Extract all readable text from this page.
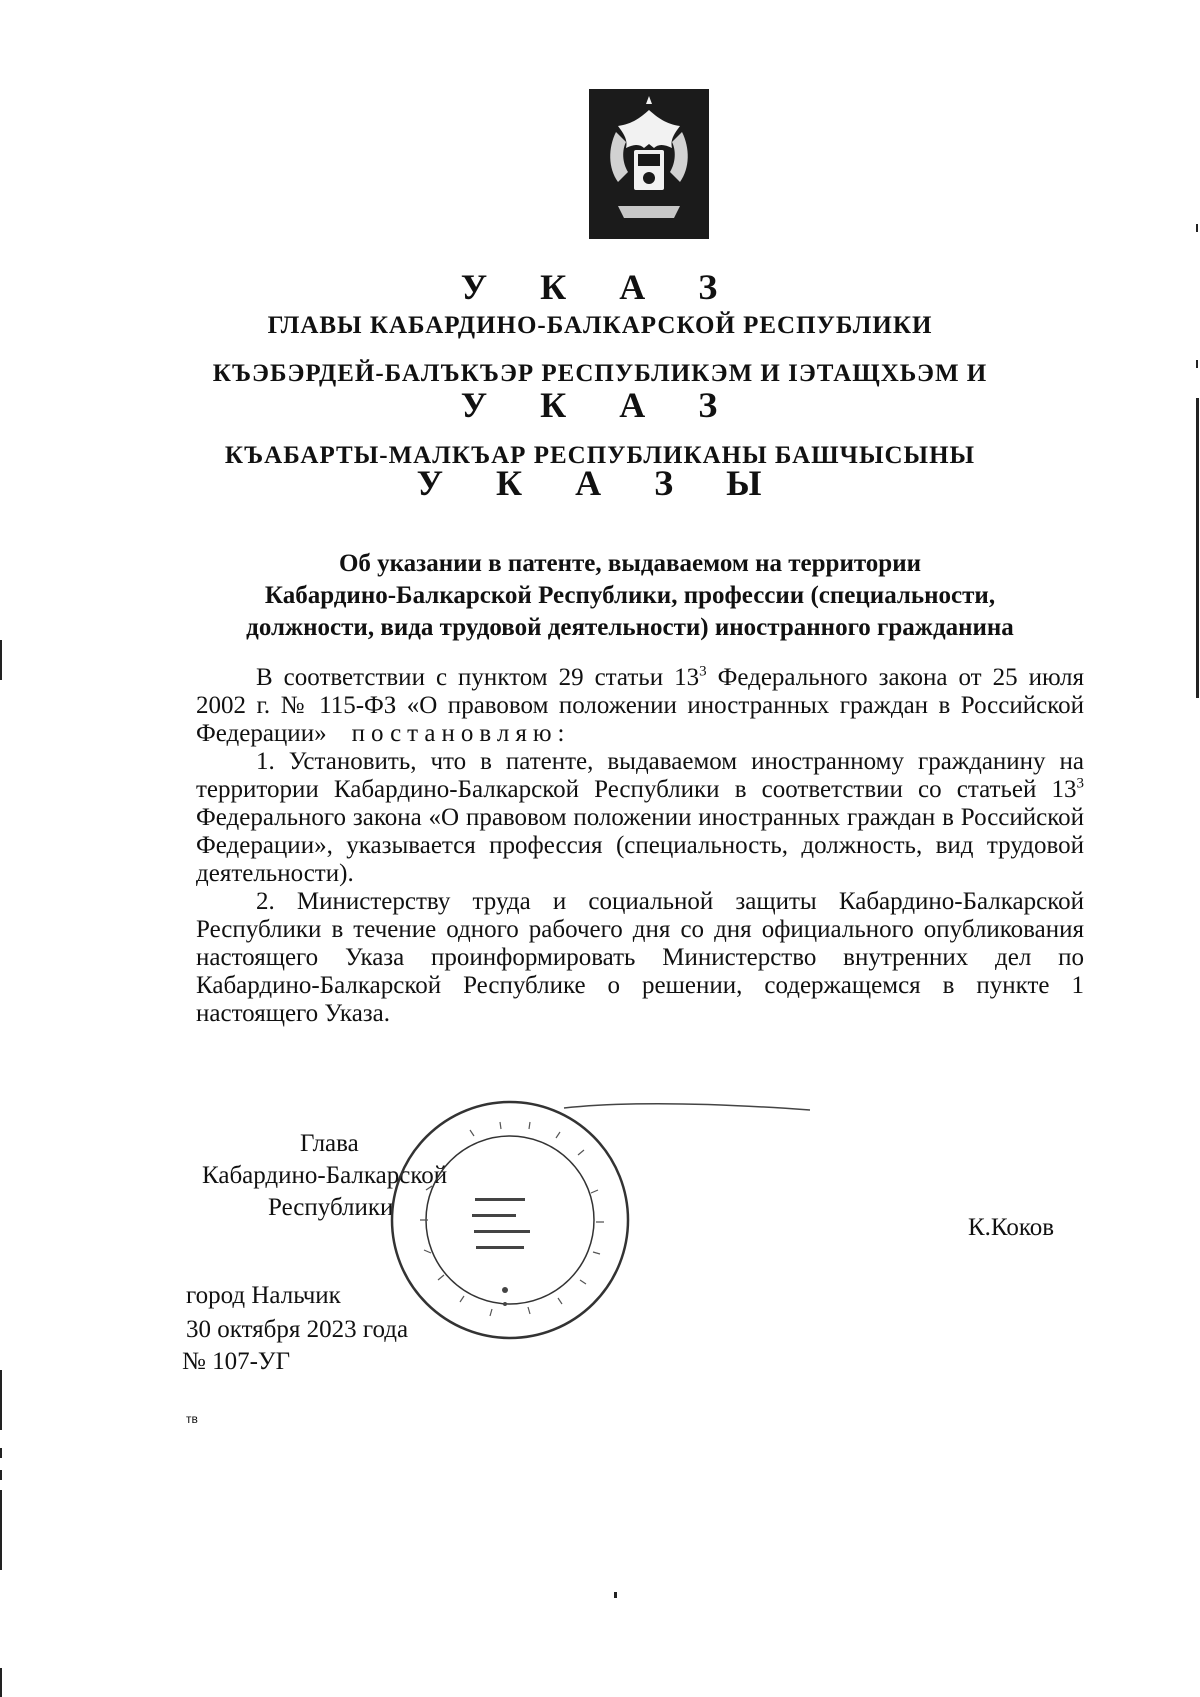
У К А З
ГЛАВЫ КАБАРДИНО-БАЛКАРСКОЙ РЕСПУБЛИКИ
КЪЭБЭРДЕЙ-БАЛЪКЪЭР РЕСПУБЛИКЭМ И ІЭТАЩХЬЭМ И
У К А З
КЪАБАРТЫ-МАЛКЪАР РЕСПУБЛИКАНЫ БАШЧЫСЫНЫ
У К А З Ы
Об указании в патенте, выдаваемом на территории
Кабардино-Балкарской Республики, профессии (специальности,
должности, вида трудовой деятельности) иностранного гражданина

В соответствии с пунктом 29 статьи $13^3$ Федерального закона от 25 июля 2002 г. № 115-ФЗ «О правовом положении иностранных граждан в Российской Федерации» постановляю:

1. Установить, что в патенте, выдаваемом иностранному гражданину на территории Кабардино-Балкарской Республики в соответствии со статьей $13^3$ Федерального закона «О правовом положении иностранных граждан в Российской Федерации», указывается профессия (специальность, должность, вид трудовой деятельности).

2. Министерству труда и социальной защиты Кабардино-Балкарской Республики в течение одного рабочего дня со дня официального опубликования настоящего Указа проинформировать Министерство внутренних дел по Кабардино-Балкарской Республике о решении, содержащемся в пункте 1 настоящего Указа.

Глава
Кабардино-Балкарской
Республики
К.Коков
город Нальчик
30 октября 2023 года
№ 107-УГ
тв
